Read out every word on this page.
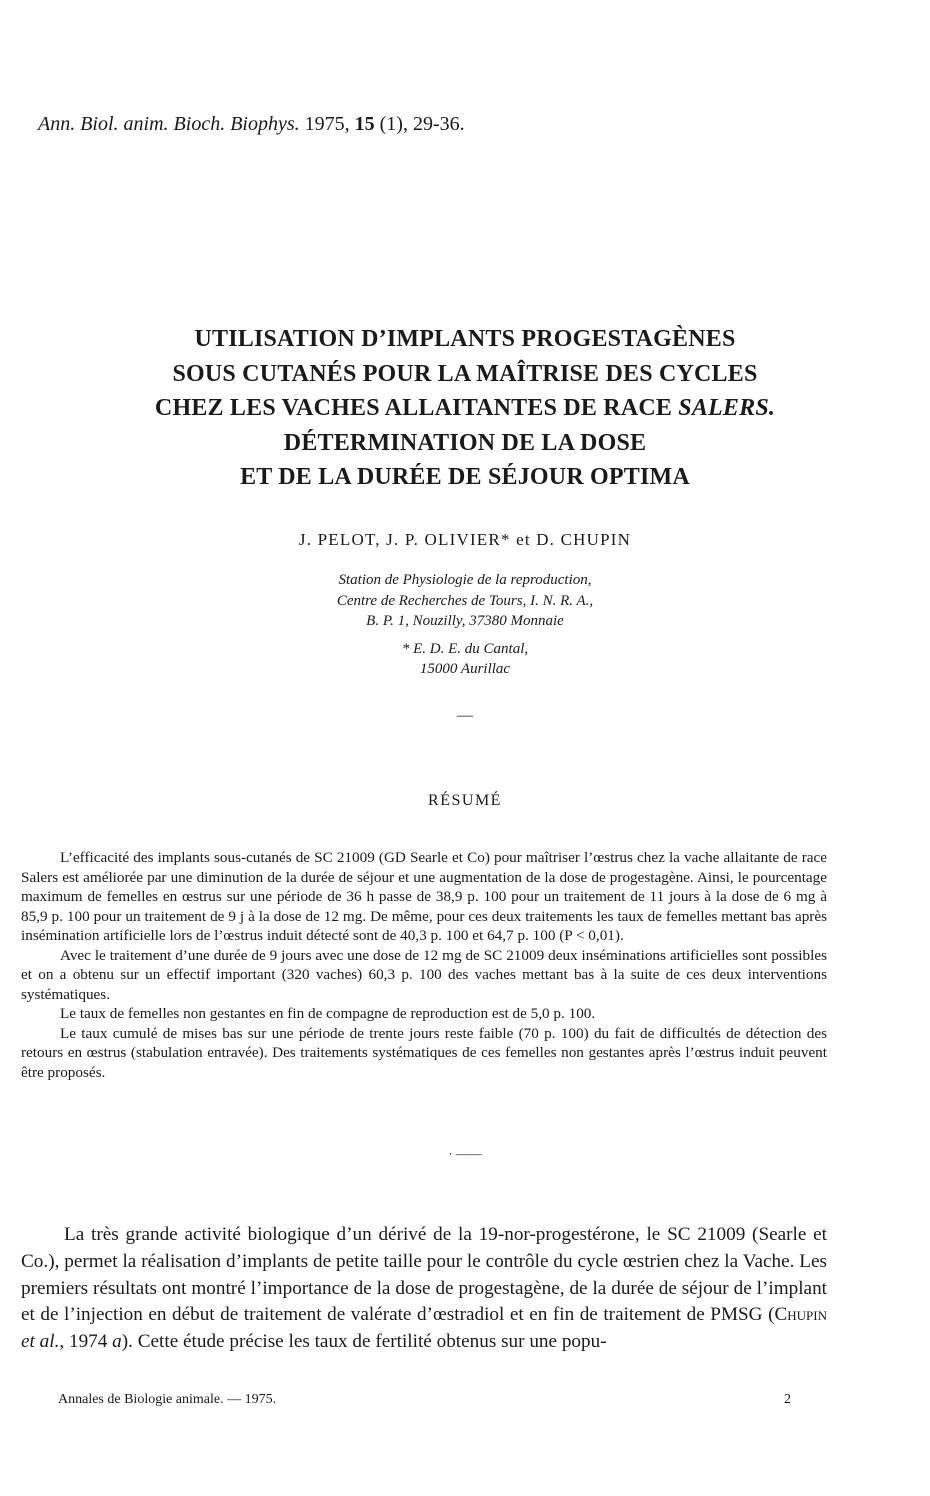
Ann. Biol. anim. Bioch. Biophys. 1975, 15 (1), 29-36.
UTILISATION D’IMPLANTS PROGESTAGÈNES
SOUS CUTANÉS POUR LA MAÎTRISE DES CYCLES
CHEZ LES VACHES ALLAITANTES DE RACE SALERS.
DÉTERMINATION DE LA DOSE
ET DE LA DURÉE DE SÉJOUR OPTIMA
J. PELOT, J. P. OLIVIER* et D. CHUPIN
Station de Physiologie de la reproduction,
Centre de Recherches de Tours, I. N. R. A.,
B. P. 1, Nouzilly, 37380 Monnaie
* E. D. E. du Cantal,
15000 Aurillac
—
RÉSUMÉ

L’efficacité des implants sous-cutanés de SC 21009 (GD Searle et Co) pour maîtriser l’œstrus chez la vache allaitante de race Salers est améliorée par une diminution de la durée de séjour et une augmentation de la dose de progestagène. Ainsi, le pourcentage maximum de femelles en œstrus sur une période de 36 h passe de 38,9 p. 100 pour un traitement de 11 jours à la dose de 6 mg à 85,9 p. 100 pour un traitement de 9 j à la dose de 12 mg. De même, pour ces deux traitements les taux de femelles mettant bas après insémination artificielle lors de l’œstrus induit détecté sont de 40,3 p. 100 et 64,7 p. 100 (P < 0,01).

Avec le traitement d’une durée de 9 jours avec une dose de 12 mg de SC 21009 deux inséminations artificielles sont possibles et on a obtenu sur un effectif important (320 vaches) 60,3 p. 100 des vaches mettant bas à la suite de ces deux interventions systématiques.

Le taux de femelles non gestantes en fin de compagne de reproduction est de 5,0 p. 100.

Le taux cumulé de mises bas sur une période de trente jours reste faible (70 p. 100) du fait de difficultés de détection des retours en œstrus (stabulation entravée). Des traitements systématiques de ces femelles non gestantes après l’œstrus induit peuvent être proposés.

· ——

La très grande activité biologique d’un dérivé de la 19-nor-progestérone, le SC 21009 (Searle et Co.), permet la réalisation d’implants de petite taille pour le contrôle du cycle œstrien chez la Vache. Les premiers résultats ont montré l’importance de la dose de progestagène, de la durée de séjour de l’implant et de l’injection en début de traitement de valérate d’œstradiol et en fin de traitement de PMSG (Chupin et al., 1974 a). Cette étude précise les taux de fertilité obtenus sur une popu-

Annales de Biologie animale. — 1975.	2
